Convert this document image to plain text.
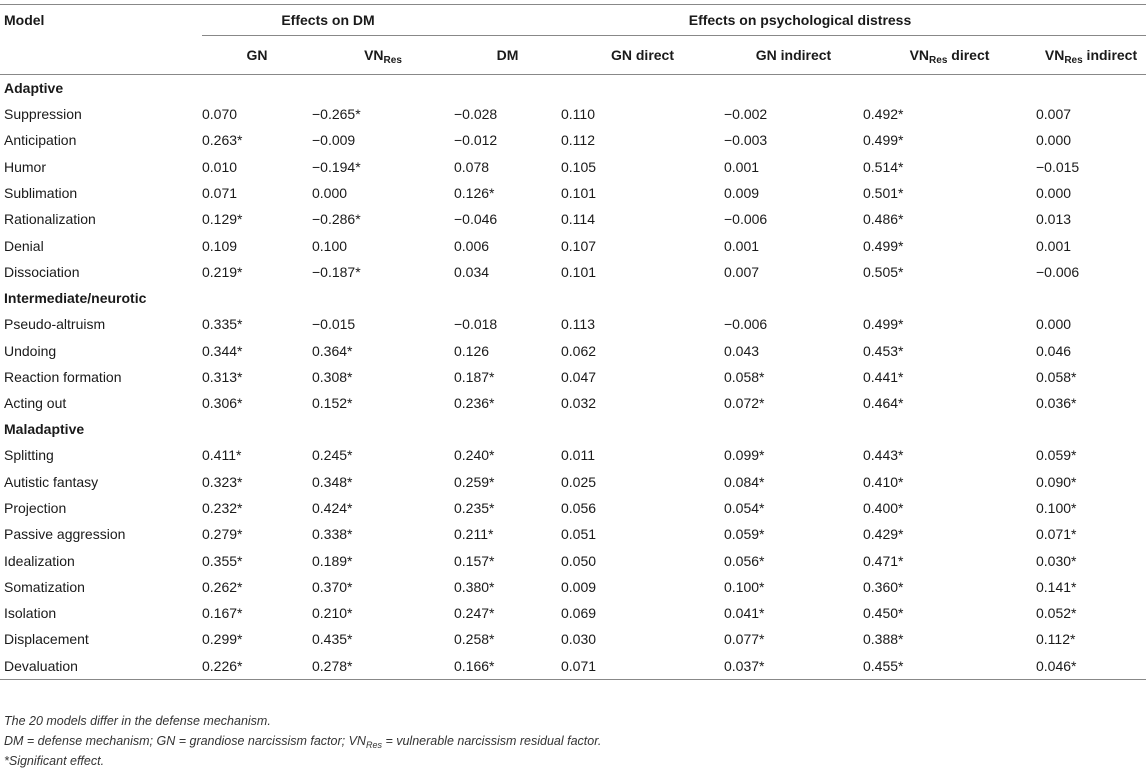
Model	Effects on DM		Effects on psychological distress				
	GN	$VN_{Res}$	DM	GN direct	GN indirect	$VN_{Res}$ direct	$VN_{Res}$ indirect
Adaptive							
Suppression	0.070	−0.265*	−0.028	0.110	−0.002	0.492*	0.007
Anticipation	0.263*	−0.009	−0.012	0.112	−0.003	0.499*	0.000
Humor	0.010	−0.194*	0.078	0.105	0.001	0.514*	−0.015
Sublimation	0.071	0.000	0.126*	0.101	0.009	0.501*	0.000
Rationalization	0.129*	−0.286*	−0.046	0.114	−0.006	0.486*	0.013
Denial	0.109	0.100	0.006	0.107	0.001	0.499*	0.001
Dissociation	0.219*	−0.187*	0.034	0.101	0.007	0.505*	−0.006
Intermediate/neurotic							
Pseudo-altruism	0.335*	−0.015	−0.018	0.113	−0.006	0.499*	0.000
Undoing	0.344*	0.364*	0.126	0.062	0.043	0.453*	0.046
Reaction formation	0.313*	0.308*	0.187*	0.047	0.058*	0.441*	0.058*
Acting out	0.306*	0.152*	0.236*	0.032	0.072*	0.464*	0.036*
Maladaptive							
Splitting	0.411*	0.245*	0.240*	0.011	0.099*	0.443*	0.059*
Autistic fantasy	0.323*	0.348*	0.259*	0.025	0.084*	0.410*	0.090*
Projection	0.232*	0.424*	0.235*	0.056	0.054*	0.400*	0.100*
Passive aggression	0.279*	0.338*	0.211*	0.051	0.059*	0.429*	0.071*
Idealization	0.355*	0.189*	0.157*	0.050	0.056*	0.471*	0.030*
Somatization	0.262*	0.370*	0.380*	0.009	0.100*	0.360*	0.141*
Isolation	0.167*	0.210*	0.247*	0.069	0.041*	0.450*	0.052*
Displacement	0.299*	0.435*	0.258*	0.030	0.077*	0.388*	0.112*
Devaluation	0.226*	0.278*	0.166*	0.071	0.037*	0.455*	0.046*
The 20 models differ in the defense mechanism.
DM = defense mechanism; GN = grandiose narcissism factor; $VN_{Res}$ = vulnerable narcissism residual factor.
*Significant effect.
